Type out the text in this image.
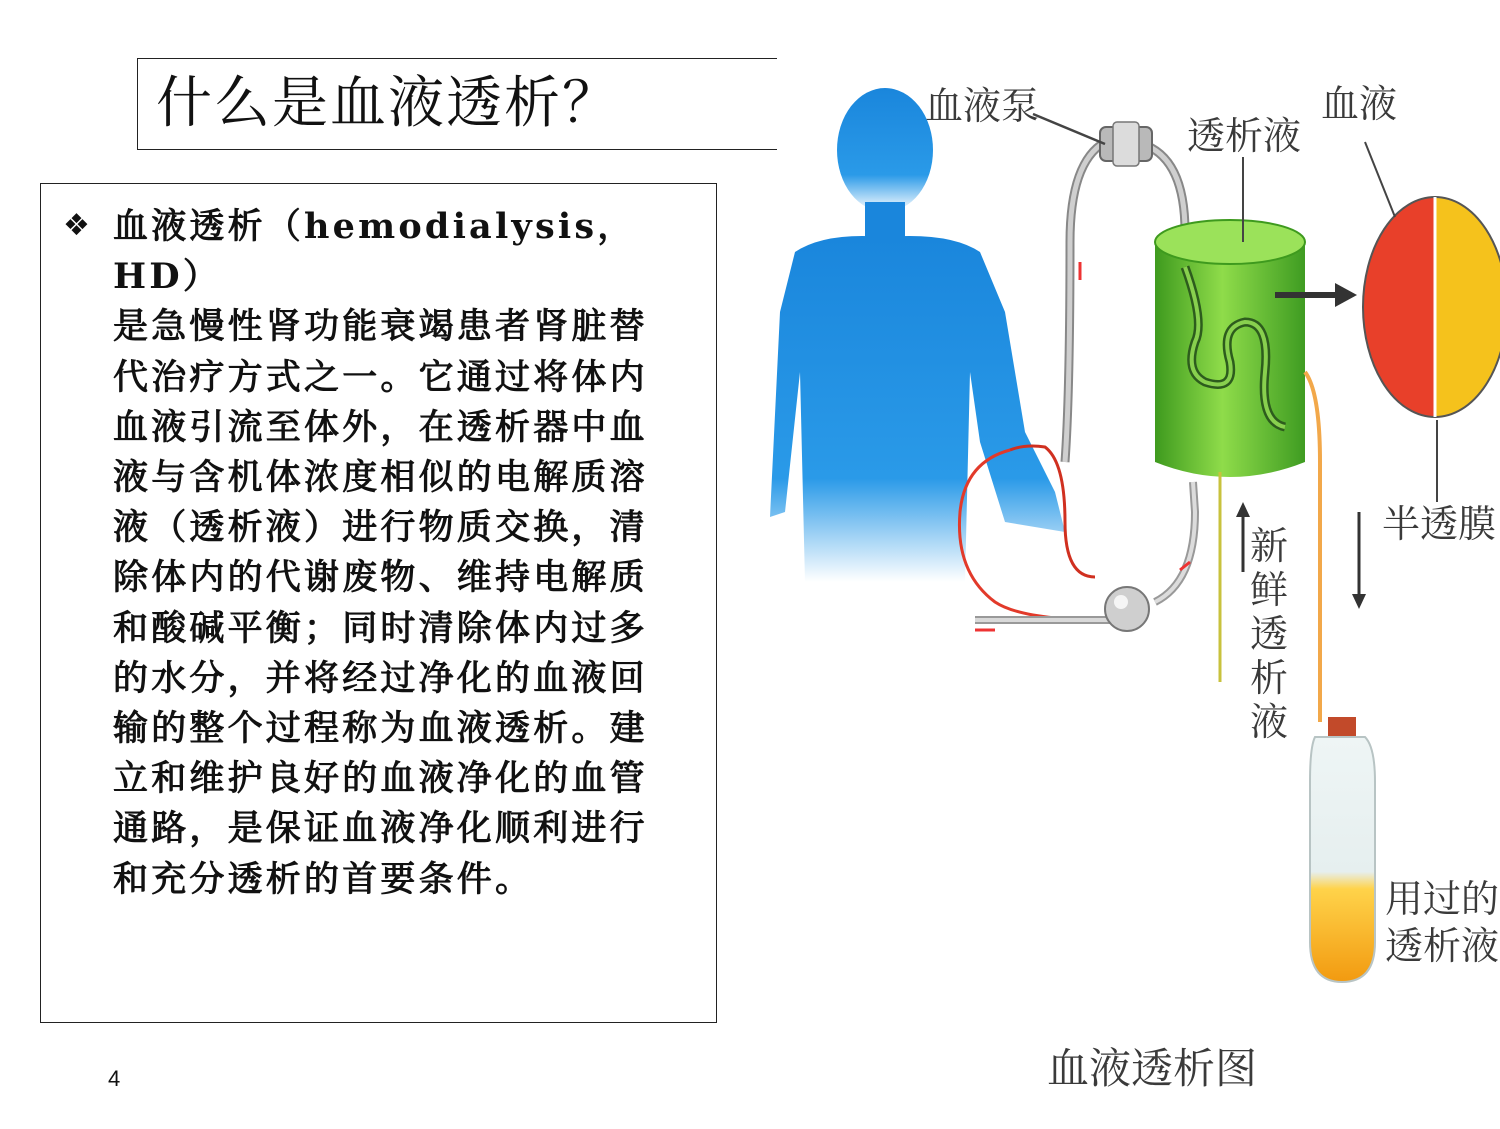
什么是血液透析？
❖ 血液透析（hemodialysis，HD）
是急慢性肾功能衰竭患者肾脏替
代治疗方式之一。它通过将体内
血液引流至体外，在透析器中血
液与含机体浓度相似的电解质溶
液（透析液）进行物质交换，清
除体内的代谢废物、维持电解质
和酸碱平衡；同时清除体内过多
的水分，并将经过净化的血液回
输的整个过程称为血液透析。建
立和维护良好的血液净化的血管
通路，是保证血液净化顺利进行
和充分透析的首要条件。
4
血液泵
透析液
血液
半透膜
新鲜透析液
用过的
透析液
血液透析图
